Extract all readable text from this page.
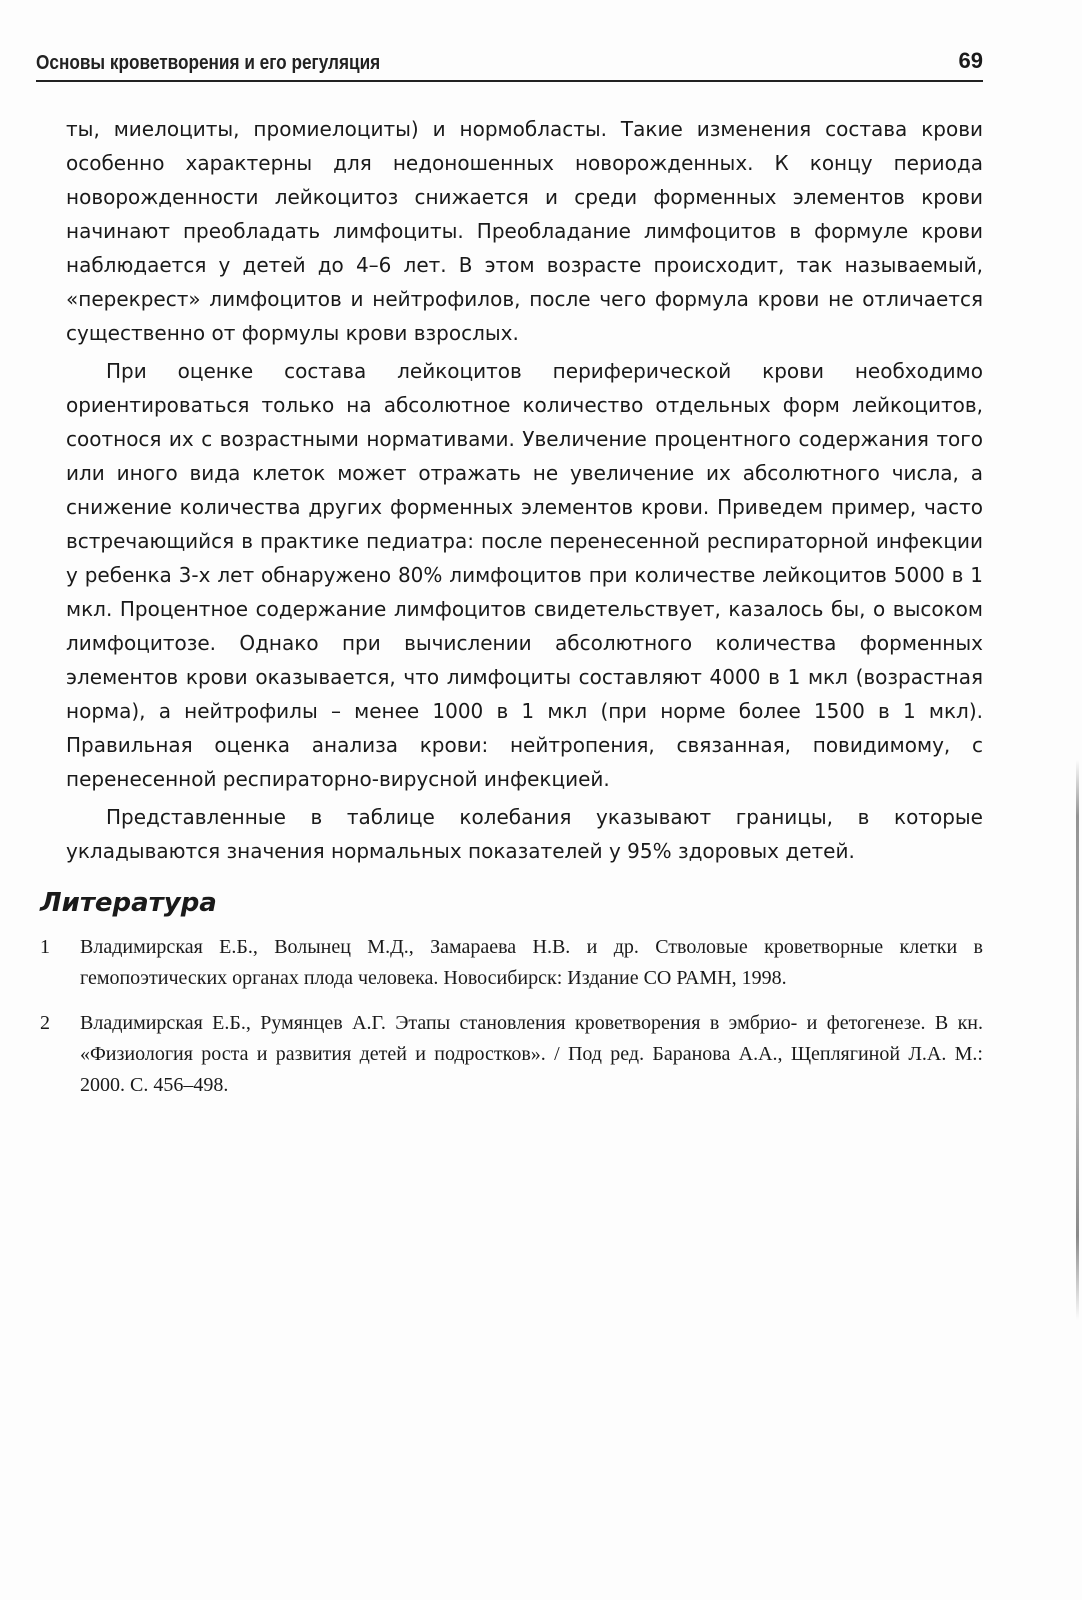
Основы кроветворения и его регуляция	69

ты, миелоциты, промиелоциты) и нормобласты. Такие изменения состава крови особенно характерны для недоношенных новорожденных. К концу периода новорожденности лейкоцитоз снижается и среди форменных элементов крови начинают преобладать лимфоциты. Преобладание лимфоцитов в формуле крови наблюдается у детей до 4–6 лет. В этом возрасте происходит, так называемый, «перекрест» лимфоцитов и нейтрофилов, после чего формула крови не отличается существенно от формулы крови взрослых.

При оценке состава лейкоцитов периферической крови необходимо ориентироваться только на абсолютное количество отдельных форм лейкоцитов, соотнося их с возрастными нормативами. Увеличение процентного содержания того или иного вида клеток может отражать не увеличение их абсолютного числа, а снижение количества других форменных элементов крови. Приведем пример, часто встречающийся в практике педиатра: после перенесенной респираторной инфекции у ребенка 3-х лет обнаружено 80% лимфоцитов при количестве лейкоцитов 5000 в 1 мкл. Процентное содержание лимфоцитов свидетельствует, казалось бы, о высоком лимфоцитозе. Однако при вычислении абсолютного количества форменных элементов крови оказывается, что лимфоциты составляют 4000 в 1 мкл (возрастная норма), а нейтрофилы – менее 1000 в 1 мкл (при норме более 1500 в 1 мкл). Правильная оценка анализа крови: нейтропения, связанная, повидимому, с перенесенной респираторно-вирусной инфекцией.

Представленные в таблице колебания указывают границы, в которые укладываются значения нормальных показателей у 95% здоровых детей.

Литература
1	Владимирская Е.Б., Волынец М.Д., Замараева Н.В. и др. Стволовые кроветворные клетки в гемопоэтических органах плода человека. Новосибирск: Издание СО РАМН, 1998.
2	Владимирская Е.Б., Румянцев А.Г. Этапы становления кроветворения в эмбрио- и фетогенезе. В кн. «Физиология роста и развития детей и подростков». / Под ред. Баранова А.А., Щеплягиной Л.А. М.: 2000. С. 456–498.
